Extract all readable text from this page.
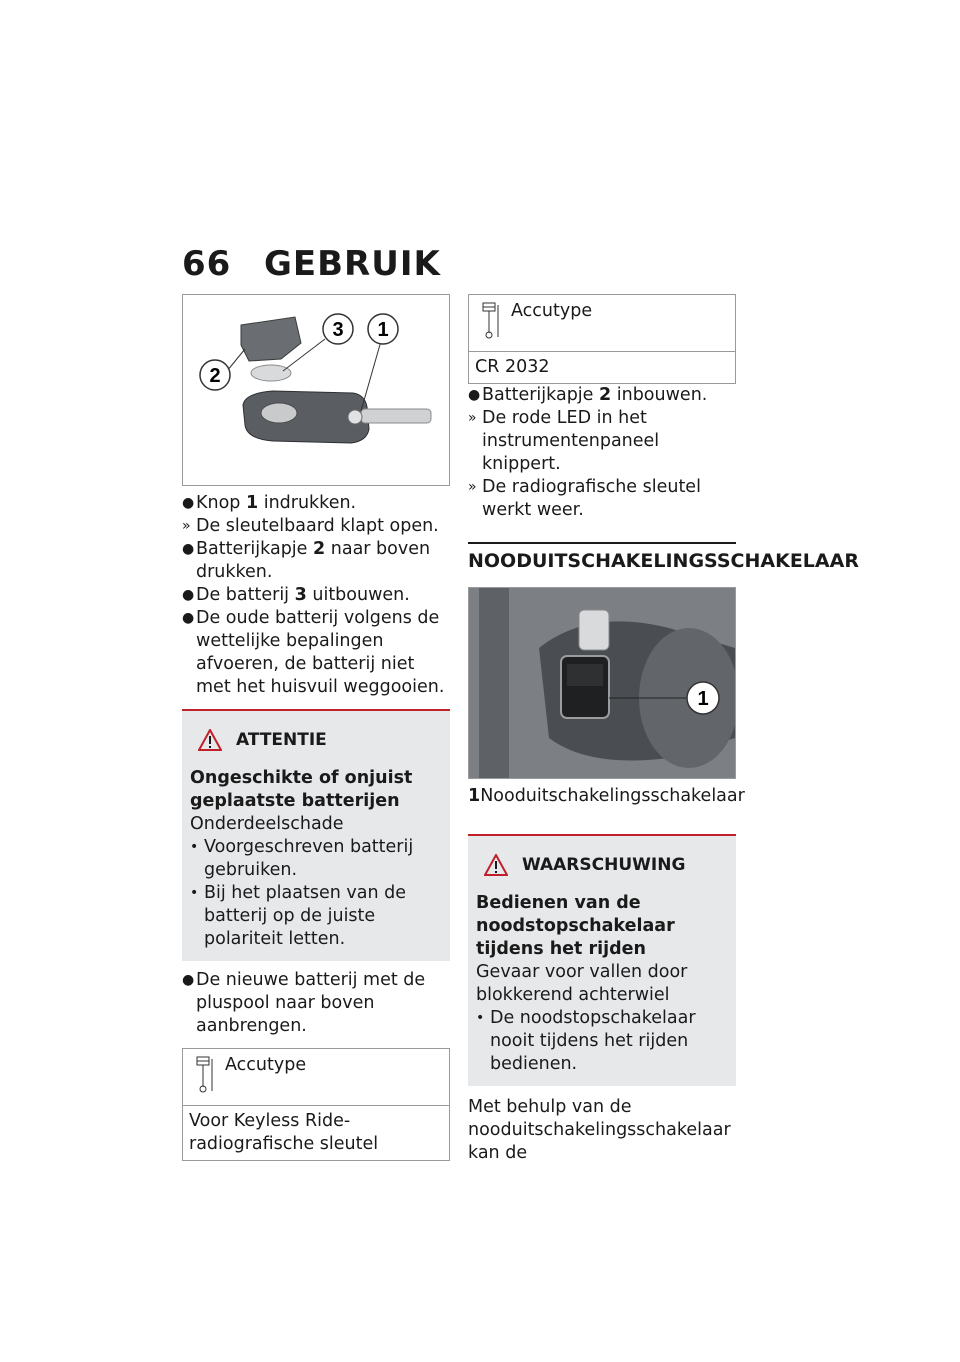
66 GEBRUIK
2
3 1
● Knop 1 indrukken.
» De sleutelbaard klapt open.
● Batterijkapje 2 naar boven drukken.
● De batterij 3 uitbouwen.
● De oude batterij volgens de wettelijke bepalingen afvoeren, de batterij niet met het huisvuil weggooien.
ATTENTIE
Ongeschikte of onjuist geplaatste batterijen
Onderdeelschade
• Voorgeschreven batterij gebruiken.
• Bij het plaatsen van de batterij op de juiste polariteit letten.
● De nieuwe batterij met de pluspool naar boven aanbrengen.
Accutype
Voor Keyless Ride-radiografische sleutel
Accutype
CR 2032
● Batterijkapje 2 inbouwen.
» De rode LED in het instrumentenpaneel knippert.
» De radiografische sleutel werkt weer.
NOODUITSCHAKELINGSSCHAKELAAR
1
1 Nooduitschakelingsschakelaar
WAARSCHUWING
Bedienen van de noodstopschakelaar tijdens het rijden
Gevaar voor vallen door blokkerend achterwiel
• De noodstopschakelaar nooit tijdens het rijden bedienen.
Met behulp van de nooduitschakelingsschakelaar kan de
